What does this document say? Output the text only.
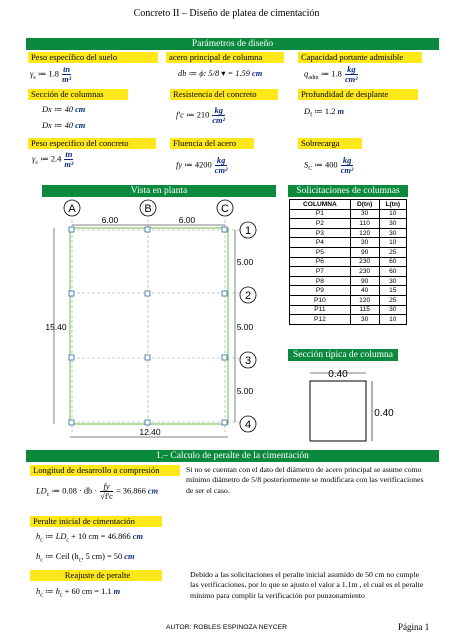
Concreto II – Diseño de platea de cimentación
Parámetros de diseño
Peso específico del suelo
$\gamma_s$ ≔ $1.8 \frac{tn}{\text{m³}}$
acero principal de columna
db ≔ ϕ: 5/8 ▾ = 1.59 cm
Capacidad portante admisible
$q_{adm}$ ≔ $1.8 \frac{kg}{\text{cm²}}$
Sección de columnas
Dx ≔ 40 cm
Dx ≔ 40 cm
Resistencia del concreto
f'c ≔ $210 \frac{kg}{\text{cm²}}$
Profundidad de desplante
$D_f$ ≔ 1.2 m
Peso especifico del concreto
$\gamma_c$ ≔ $2.4 \frac{tn}{\text{m³}}$
Fluencia del acero
fy ≔ $4200 \frac{kg}{\text{cm²}}$
Sobrecarga
$S_C$ ≔ $400 \frac{kg}{\text{cm²}}$
Vista en planta
A	B	C
1
2
3
4
6.00	6.00
5.00
5.00
5.00
15.40
12.40
Solicitaciones de columnas
COLUMNA	D(tn)	L(tn)
P1	30	10
P2	110	30
P3	120	30
P4	30	10
P5	90	25
P6	230	60
P7	230	60
P8	90	30
P9	40	15
P10	120	25
P11	115	30
P12	30	10
Sección típica de columna
0.40
0.40
1.– Calculo de peralte de la cimentación
Longitud de desarrollo a compresión
$LD_c$ ≔ 0.08 · db · $\frac{fy}{√f'c} = 36.866$ cm
Si no se cuentan con el dato del diámetro de acero principal se asume como mínimo diámetro de 5/8 posteriormente se modificara con las verificaciones de ser el caso.
Peralte inicial de cimentación
$h_c$ ≔ $LD_c + 10$ cm = 46.866 cm
$h_c$ ≔ Ceil ($h_c$, 5 cm) = 50 cm
Reajuste de peralte
$h_c$ ≔ $h_c + 60$ cm = 1.1 m
Debido a las solicitaciones el peralte inicial asumido de 50 cm no cumple las verificaciones, por lo que se ajusto el valor a 1.1m , el cual es el peralte mínimo para cumplir la verificación por punzonamiento
AUTOR: ROBLES ESPINOZA NEYCER	Página 1
